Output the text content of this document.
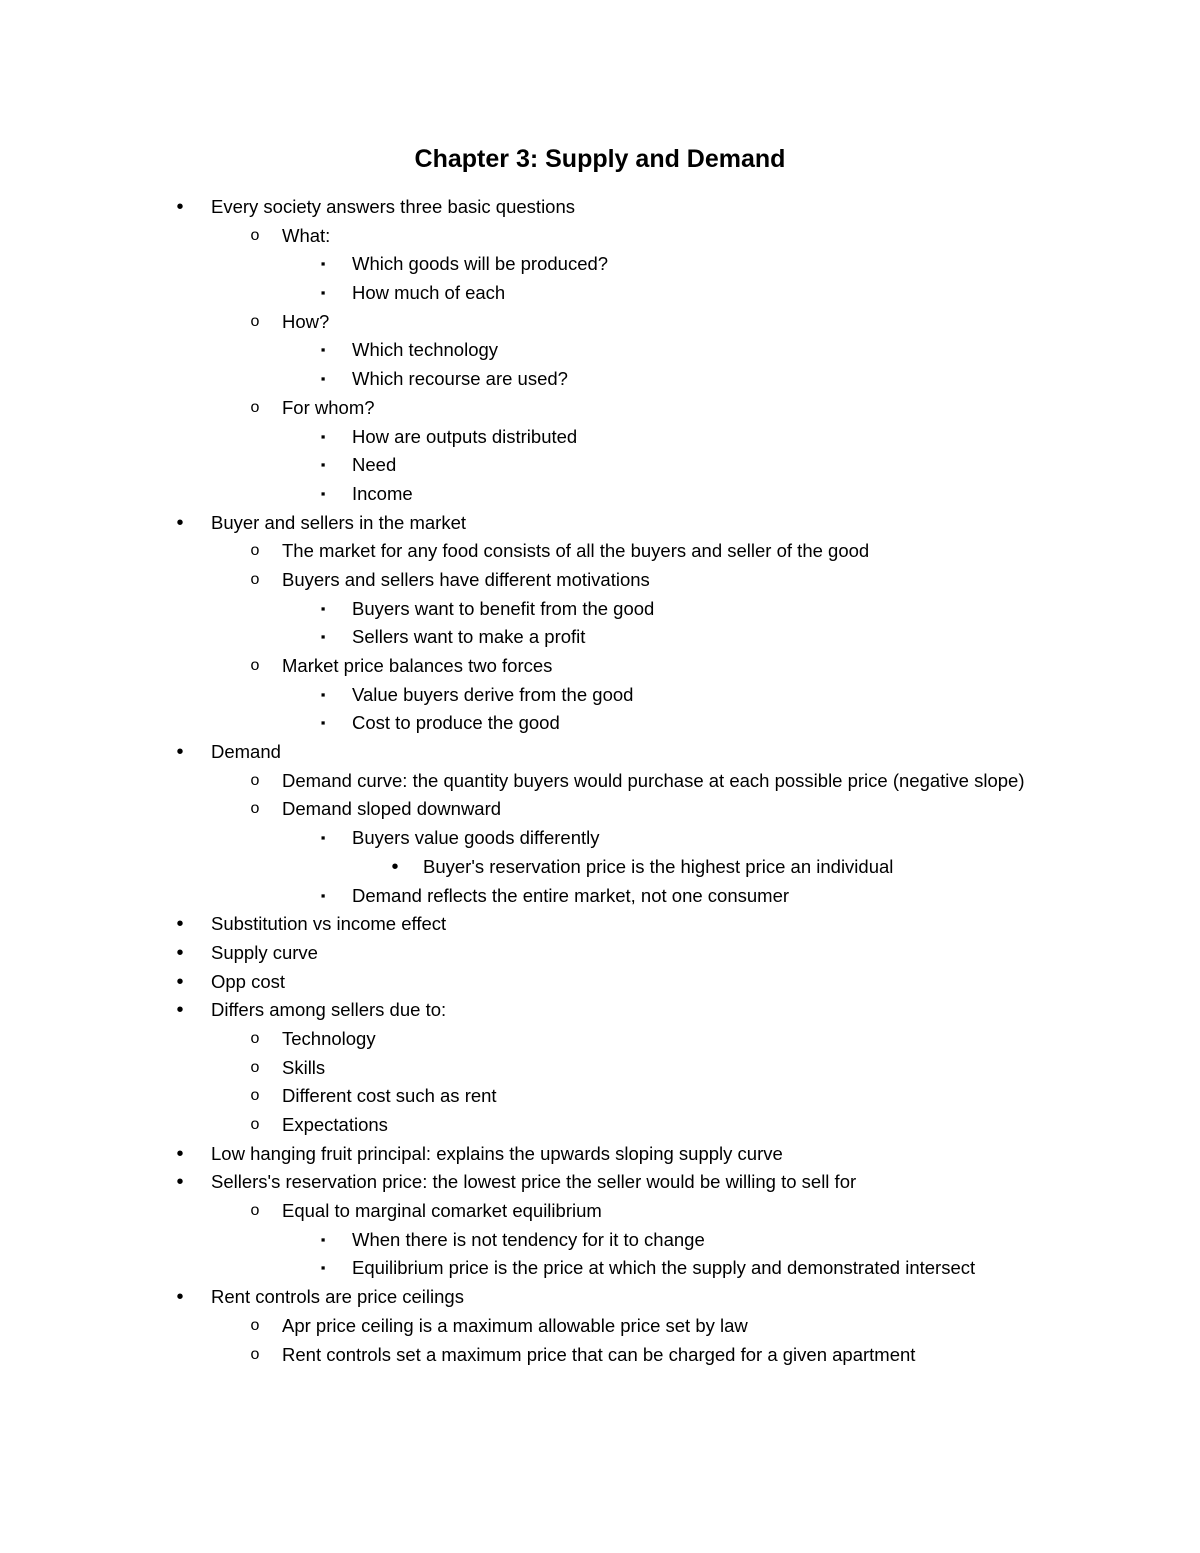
Chapter 3: Supply and Demand
•	Every society answers three basic questions
o What:
▪	Which goods will be produced?
▪	How much of each
o How?
▪	Which technology
▪	Which recourse are used?
o For whom?
▪	How are outputs distributed
▪	Need
▪	Income
•	Buyer and sellers in the market
o The market for any food consists of all the buyers and seller of the good
o Buyers and sellers have different motivations
▪	Buyers want to benefit from the good
▪	Sellers want to make a profit
o Market price balances two forces
▪	Value buyers derive from the good
▪	Cost to produce the good
•	Demand
o Demand curve: the quantity buyers would purchase at each possible price (negative slope)
o Demand sloped downward
▪	Buyers value goods differently
•	Buyer's reservation price is the highest price an individual
▪	Demand reflects the entire market, not one consumer
•	Substitution vs income effect
•	Supply curve
•	Opp cost
•	Differs among sellers due to:
o Technology
o Skills
o Different cost such as rent
o Expectations
•	Low hanging fruit principal: explains the upwards sloping supply curve
•	Sellers's reservation price: the lowest price the seller would be willing to sell for
o Equal to marginal comarket equilibrium
▪	When there is not tendency for it to change
▪	Equilibrium price is the price at which the supply and demonstrated intersect
•	Rent controls are price ceilings
o Apr price ceiling is a maximum allowable price set by law
o Rent controls set a maximum price that can be charged for a given apartment
